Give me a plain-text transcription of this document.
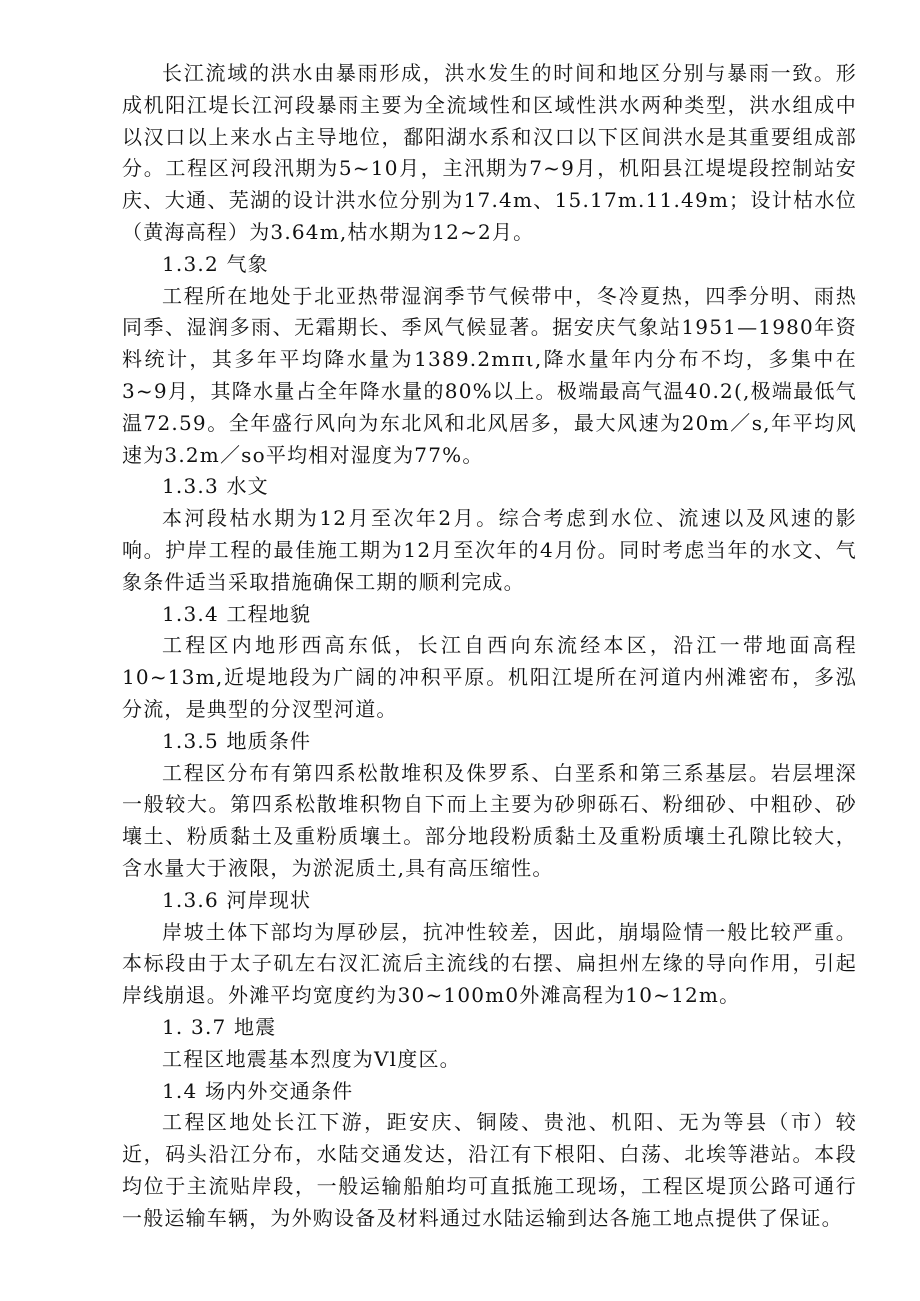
长江流域的洪水由暴雨形成，洪水发生的时间和地区分别与暴雨一致。形成机阳江堤长江河段暴雨主要为全流域性和区域性洪水两种类型，洪水组成中以汉口以上来水占主导地位，鄱阳湖水系和汉口以下区间洪水是其重要组成部分。工程区河段汛期为5~10月，主汛期为7~9月，机阳县江堤堤段控制站安庆、大通、芜湖的设计洪水位分别为17.4m、15.17m.11.49m；设计枯水位（黄海高程）为3.64m,枯水期为12~2月。

1.3.2 气象

工程所在地处于北亚热带湿润季节气候带中，冬冷夏热，四季分明、雨热同季、湿润多雨、无霜期长、季风气候显著。据安庆气象站1951—1980年资料统计，其多年平均降水量为1389.2mπι,降水量年内分布不均，多集中在3~9月，其降水量占全年降水量的80%以上。极端最高气温40.2(,极端最低气温72.59。全年盛行风向为东北风和北风居多，最大风速为20m／s,年平均风速为3.2m／so平均相对湿度为77%。

1.3.3 水文

本河段枯水期为12月至次年2月。综合考虑到水位、流速以及风速的影响。护岸工程的最佳施工期为12月至次年的4月份。同时考虑当年的水文、气象条件适当采取措施确保工期的顺利完成。

1.3.4 工程地貌

工程区内地形西高东低，长江自西向东流经本区，沿江一带地面高程10~13m,近堤地段为广阔的冲积平原。机阳江堤所在河道内州滩密布，多泓分流，是典型的分汊型河道。

1.3.5 地质条件

工程区分布有第四系松散堆积及侏罗系、白垩系和第三系基层。岩层埋深一般较大。第四系松散堆积物自下而上主要为砂卵砾石、粉细砂、中粗砂、砂壤土、粉质黏土及重粉质壤土。部分地段粉质黏土及重粉质壤土孔隙比较大，含水量大于液限，为淤泥质土,具有高压缩性。

1.3.6 河岸现状

岸坡土体下部均为厚砂层，抗冲性较差，因此，崩塌险情一般比较严重。本标段由于太子矶左右汊汇流后主流线的右摆、扁担州左缘的导向作用，引起岸线崩退。外滩平均宽度约为30~100m0外滩高程为10~12m。

1. 3.7 地震

工程区地震基本烈度为Vl度区。

1.4 场内外交通条件

工程区地处长江下游，距安庆、铜陵、贵池、机阳、无为等县（市）较近，码头沿江分布，水陆交通发达，沿江有下根阳、白荡、北埃等港站。本段均位于主流贴岸段，一般运输船舶均可直抵施工现场，工程区堤顶公路可通行一般运输车辆，为外购设备及材料通过水陆运输到达各施工地点提供了保证。
